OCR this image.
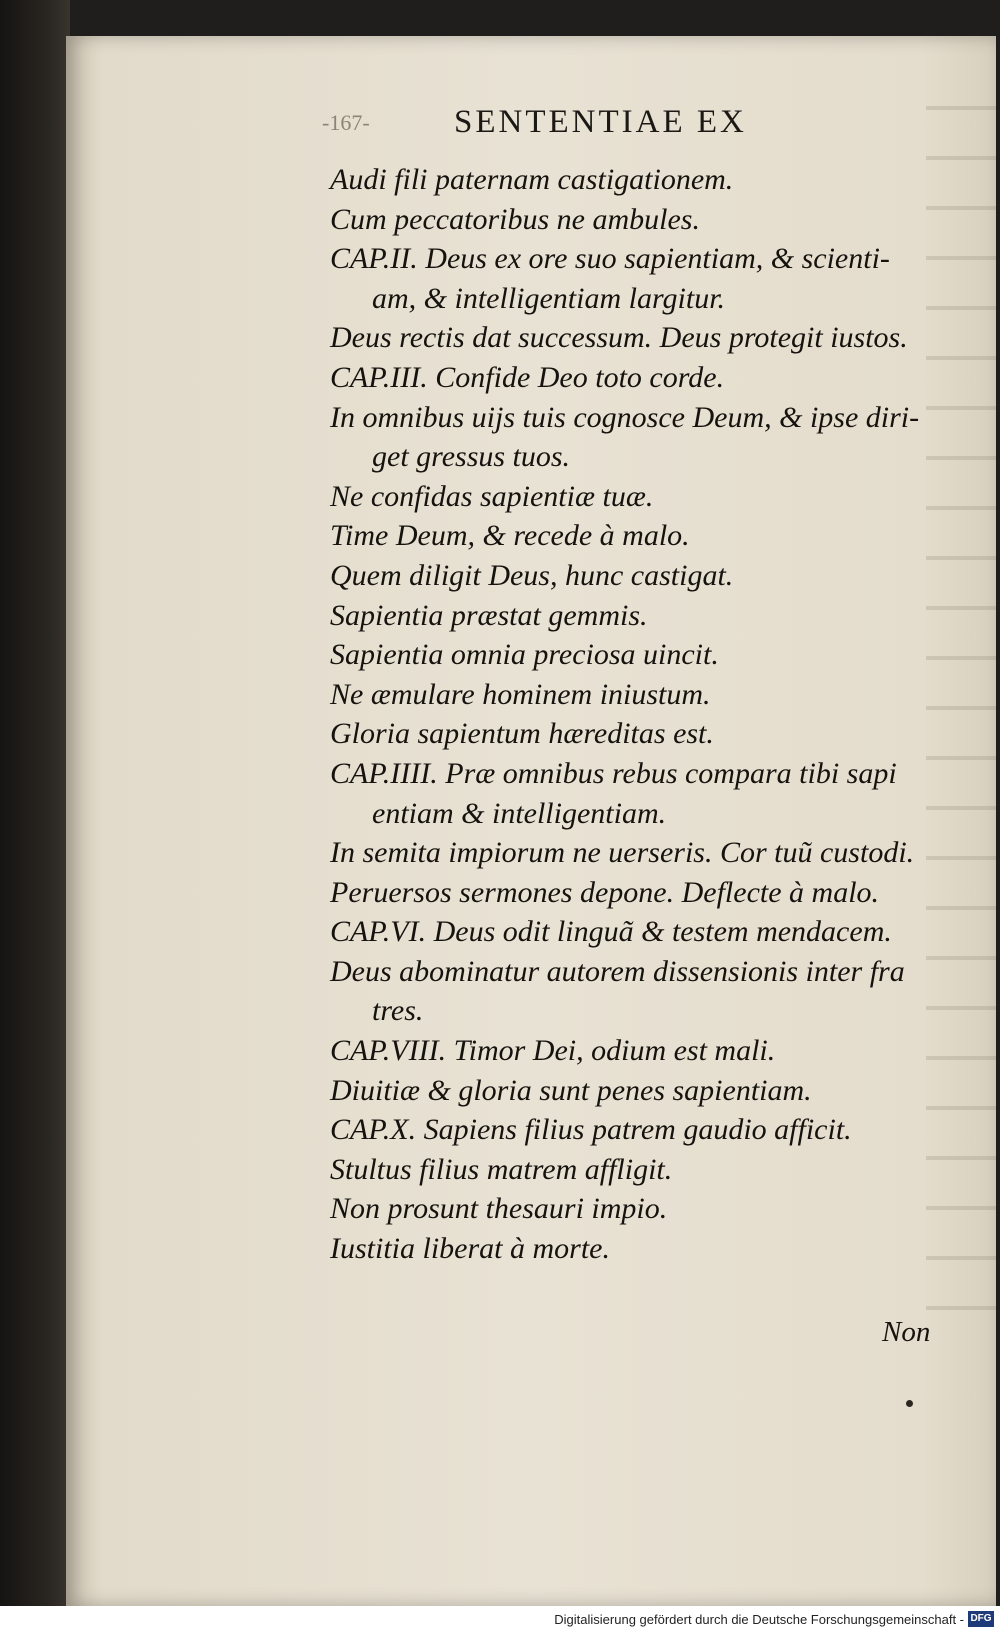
-167-	SENTENTIAE EX
Audi fili paternam castigationem.
Cum peccatoribus ne ambules.
CAP.II. Deus ex ore suo sapientiam, & scienti-
am, & intelligentiam largitur.
Deus rectis dat successum. Deus protegit iustos.
CAP.III. Confide Deo toto corde.
In omnibus uijs tuis cognosce Deum, & ipse diri-
get gressus tuos.
Ne confidas sapientiæ tuæ.
Time Deum, & recede à malo.
Quem diligit Deus, hunc castigat.
Sapientia præstat gemmis.
Sapientia omnia preciosa uincit.
Ne æmulare hominem iniustum.
Gloria sapientum hæreditas est.
CAP.IIII. Præ omnibus rebus compara tibi sapi
entiam & intelligentiam.
In semita impiorum ne uerseris. Cor tuũ custodi.
Peruersos sermones depone. Deflecte à malo.
CAP.VI. Deus odit linguã & testem mendacem.
Deus abominatur autorem dissensionis inter fra
tres.
CAP.VIII. Timor Dei, odium est mali.
Diuitiæ & gloria sunt penes sapientiam.
CAP.X. Sapiens filius patrem gaudio afficit.
Stultus filius matrem affligit.
Non prosunt thesauri impio.
Iustitia liberat à morte.
Non
Digitalisierung gefördert durch die Deutsche Forschungsgemeinschaft - DFG
